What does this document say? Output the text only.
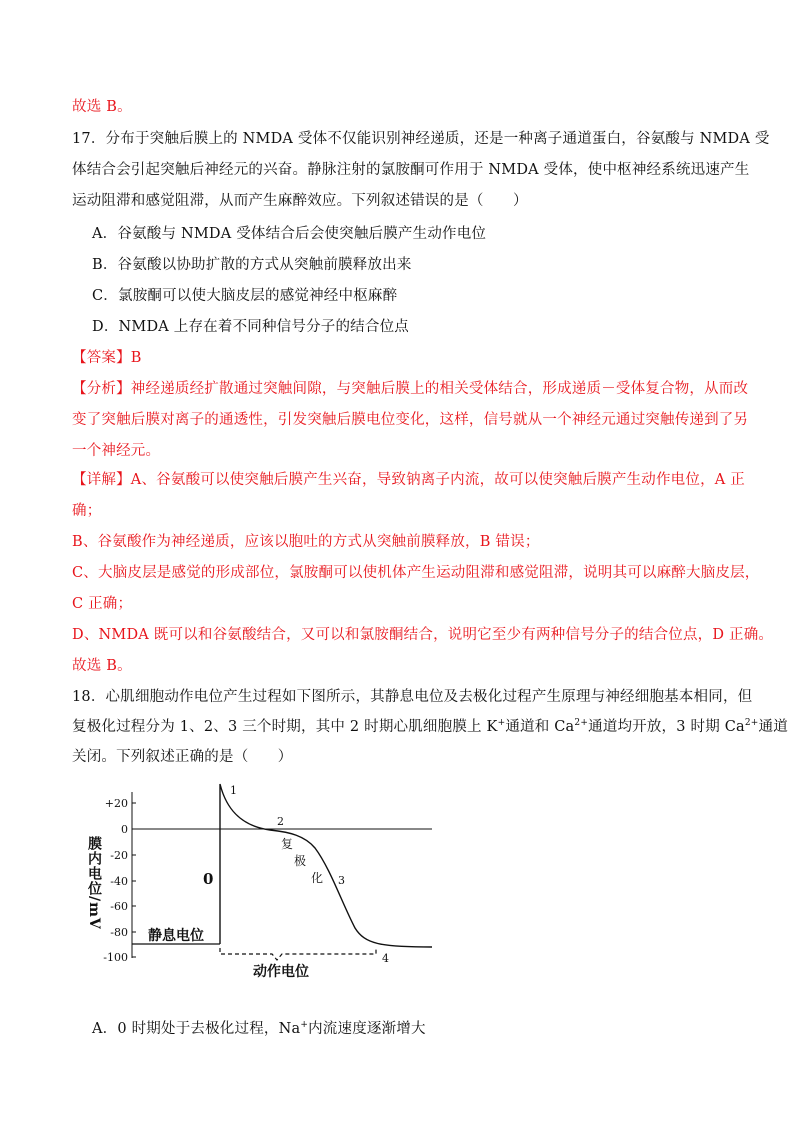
故选 B。
17．分布于突触后膜上的 NMDA 受体不仅能识别神经递质，还是一种离子通道蛋白，谷氨酸与 NMDA 受
体结合会引起突触后神经元的兴奋。静脉注射的氯胺酮可作用于 NMDA 受体，使中枢神经系统迅速产生
运动阻滞和感觉阻滞，从而产生麻醉效应。下列叙述错误的是（　　）
A．谷氨酸与 NMDA 受体结合后会使突触后膜产生动作电位
B．谷氨酸以协助扩散的方式从突触前膜释放出来
C．氯胺酮可以使大脑皮层的感觉神经中枢麻醉
D．NMDA 上存在着不同种信号分子的结合位点
【答案】B
【分析】神经递质经扩散通过突触间隙，与突触后膜上的相关受体结合，形成递质－受体复合物，从而改
变了突触后膜对离子的通透性，引发突触后膜电位变化，这样，信号就从一个神经元通过突触传递到了另
一个神经元。
【详解】A、谷氨酸可以使突触后膜产生兴奋，导致钠离子内流，故可以使突触后膜产生动作电位，A 正
确；
B、谷氨酸作为神经递质，应该以胞吐的方式从突触前膜释放，B 错误；
C、大脑皮层是感觉的形成部位，氯胺酮可以使机体产生运动阻滞和感觉阻滞，说明其可以麻醉大脑皮层，
C 正确；
D、NMDA 既可以和谷氨酸结合，又可以和氯胺酮结合，说明它至少有两种信号分子的结合位点，D 正确。
故选 B。
18．心肌细胞动作电位产生过程如下图所示，其静息电位及去极化过程产生原理与神经细胞基本相同，但
复极化过程分为 1、2、3 三个时期，其中 2 时期心肌细胞膜上 K+通道和 $Ca^{2+}$通道均开放，3 时期 $Ca^{2+}$通道
关闭。下列叙述正确的是（　　）
+20
0
-20
-40
-60
-80
-100
膜内电位/mV	0
1
2
3
4
复
极
化
静息电位
动作电位
A．0 时期处于去极化过程，Na+内流速度逐渐增大
